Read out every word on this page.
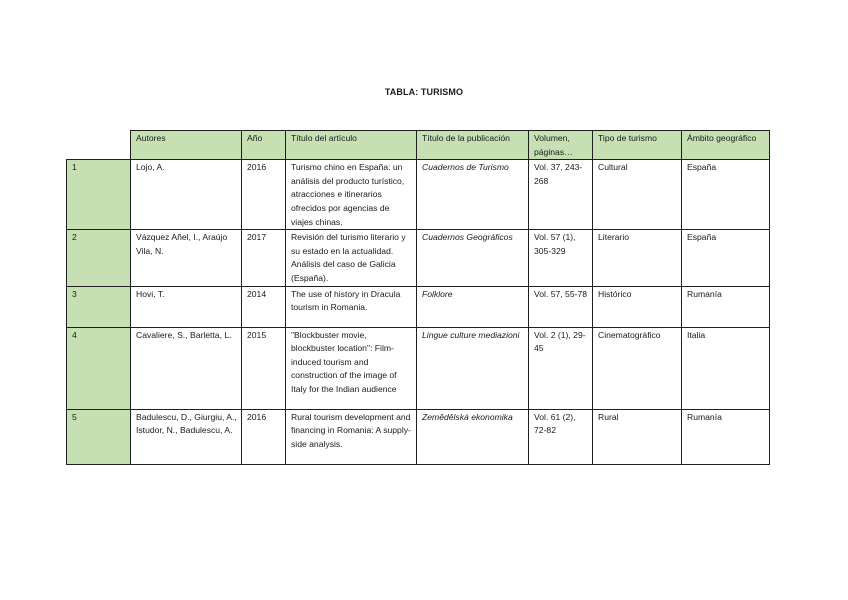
TABLA: TURISMO
	Autores	Año	Título del artículo	Título de la publicación	Volumen, páginas…	Tipo de turismo	Ámbito geográfico
1	Lojo, A.	2016	Turismo chino en España: un análisis del producto turístico, atracciones e itinerarios ofrecidos por agencias de viajes chinas.	Cuadernos de Turismo	Vol. 37, 243-268	Cultural	España
2	Vázquez Añel, I., Araújo Vila, N.	2017	Revisión del turismo literario y su estado en la actualidad. Análisis del caso de Galicia (España).	Cuadernos Geográficos	Vol. 57 (1), 305-329	Literario	España
3	Hovi, T.	2014	The use of history in Dracula tourism in Romania.	Folklore	Vol. 57, 55-78	Histórico	Rumanía
4	Cavaliere, S., Barletta, L.	2015	"Blockbuster movie, blockbuster location": Film-induced tourism and construction of the image of Italy for the Indian audience	Lingue culture mediazioni	Vol. 2 (1), 29-45	Cinematográfico	Italia
5	Badulescu, D., Giurgiu, A., Istudor, N., Badulescu, A.	2016	Rural tourism development and financing in Romania: A supply-side analysis.	Zemědělská ekonomika	Vol. 61 (2), 72-82	Rural	Rumanía
